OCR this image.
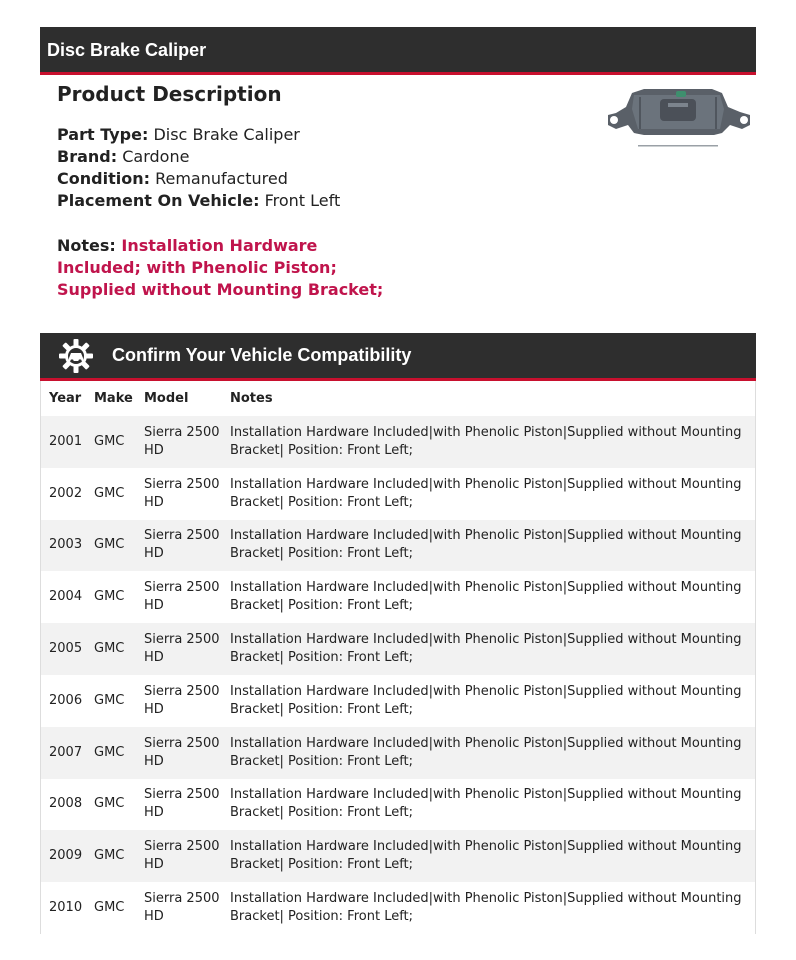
Disc Brake Caliper
Product Description
Part Type: Disc Brake Caliper
Brand: Cardone
Condition: Remanufactured
Placement On Vehicle: Front Left
Notes: Installation Hardware Included; with Phenolic Piston; Supplied without Mounting Bracket;
Confirm Your Vehicle Compatibility
Year	Make	Model	Notes
2001	GMC	Sierra 2500 HD	Installation Hardware Included|with Phenolic Piston|Supplied without Mounting Bracket| Position: Front Left;
2002	GMC	Sierra 2500 HD	Installation Hardware Included|with Phenolic Piston|Supplied without Mounting Bracket| Position: Front Left;
2003	GMC	Sierra 2500 HD	Installation Hardware Included|with Phenolic Piston|Supplied without Mounting Bracket| Position: Front Left;
2004	GMC	Sierra 2500 HD	Installation Hardware Included|with Phenolic Piston|Supplied without Mounting Bracket| Position: Front Left;
2005	GMC	Sierra 2500 HD	Installation Hardware Included|with Phenolic Piston|Supplied without Mounting Bracket| Position: Front Left;
2006	GMC	Sierra 2500 HD	Installation Hardware Included|with Phenolic Piston|Supplied without Mounting Bracket| Position: Front Left;
2007	GMC	Sierra 2500 HD	Installation Hardware Included|with Phenolic Piston|Supplied without Mounting Bracket| Position: Front Left;
2008	GMC	Sierra 2500 HD	Installation Hardware Included|with Phenolic Piston|Supplied without Mounting Bracket| Position: Front Left;
2009	GMC	Sierra 2500 HD	Installation Hardware Included|with Phenolic Piston|Supplied without Mounting Bracket| Position: Front Left;
2010	GMC	Sierra 2500 HD	Installation Hardware Included|with Phenolic Piston|Supplied without Mounting Bracket| Position: Front Left;
